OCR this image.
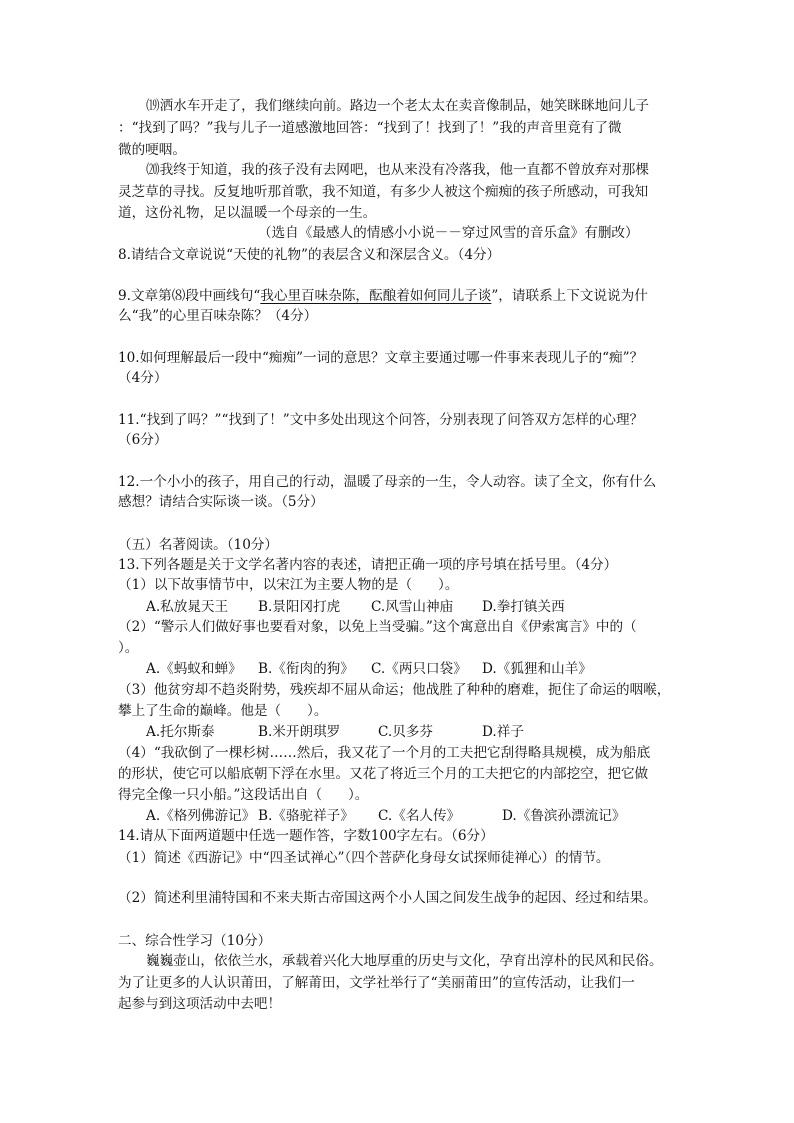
⒆洒水车开走了，我们继续向前。路边一个老太太在卖音像制品，她笑眯眯地问儿子
：“找到了吗？”我与儿子一道感激地回答：“找到了！找到了！”我的声音里竟有了微
微的哽咽。
⒇我终于知道，我的孩子没有去网吧，也从来没有冷落我，他一直都不曾放弃对那棵
灵芝草的寻找。反复地听那首歌，我不知道，有多少人被这个痴痴的孩子所感动，可我知
道，这份礼物，足以温暖一个母亲的一生。
（选自《最感人的情感小小说－－穿过风雪的音乐盒》有删改）
8.请结合文章说说“天使的礼物”的表层含义和深层含义。（4分）
9.文章第⑻段中画线句“我心里百味杂陈，酝酿着如何同儿子谈”，请联系上下文说说为什
么“我”的心里百味杂陈？（4分）
10.如何理解最后一段中“痴痴”一词的意思？文章主要通过哪一件事来表现儿子的“痴”？
（4分）
11.“找到了吗？”“找到了！”文中多处出现这个问答，分别表现了问答双方怎样的心理？
（6分）
12.一个小小的孩子，用自己的行动，温暖了母亲的一生，令人动容。读了全文，你有什么
感想？请结合实际谈一谈。（5分）
（五）名著阅读。（10分）
13.下列各题是关于文学名著内容的表述，请把正确一项的序号填在括号里。（4分）
（1）以下故事情节中，以宋江为主要人物的是（      ）。
A.私放晁天王 B.景阳冈打虎 C.风雪山神庙 D.拳打镇关西
（2）“警示人们做好事也要看对象，以免上当受骗。”这个寓意出自《伊索寓言》中的（
）。
A.《蚂蚁和蝉》 B.《衔肉的狗》 C.《两只口袋》 D.《狐狸和山羊》
（3）他贫穷却不趋炎附势，残疾却不屈从命运；他战胜了种种的磨难，扼住了命运的咽喉，
攀上了生命的巅峰。他是（      ）。
A.托尔斯泰	B.米开朗琪罗	C.贝多芬	D.祥子
（4）“我砍倒了一棵杉树……然后，我又花了一个月的工夫把它刮得略具规模，成为船底
的形状，使它可以船底朝下浮在水里。又花了将近三个月的工夫把它的内部挖空，把它做
得完全像一只小船。”这段话出自（      ）。
A.《格列佛游记》 B.《骆驼祥子》 C.《名人传》	D.《鲁滨孙漂流记》
14.请从下面两道题中任选一题作答，字数100字左右。（6分）
（1）简述《西游记》中“四圣试禅心”（四个菩萨化身母女试探师徒禅心）的情节。
（2）简述利里浦特国和不来夫斯古帝国这两个小人国之间发生战争的起因、经过和结果。
二、综合性学习（10分）
巍巍壶山，依依兰水，承载着兴化大地厚重的历史与文化，孕育出淳朴的民风和民俗。
为了让更多的人认识莆田，了解莆田，文学社举行了“美丽莆田”的宣传活动，让我们一
起参与到这项活动中去吧！
